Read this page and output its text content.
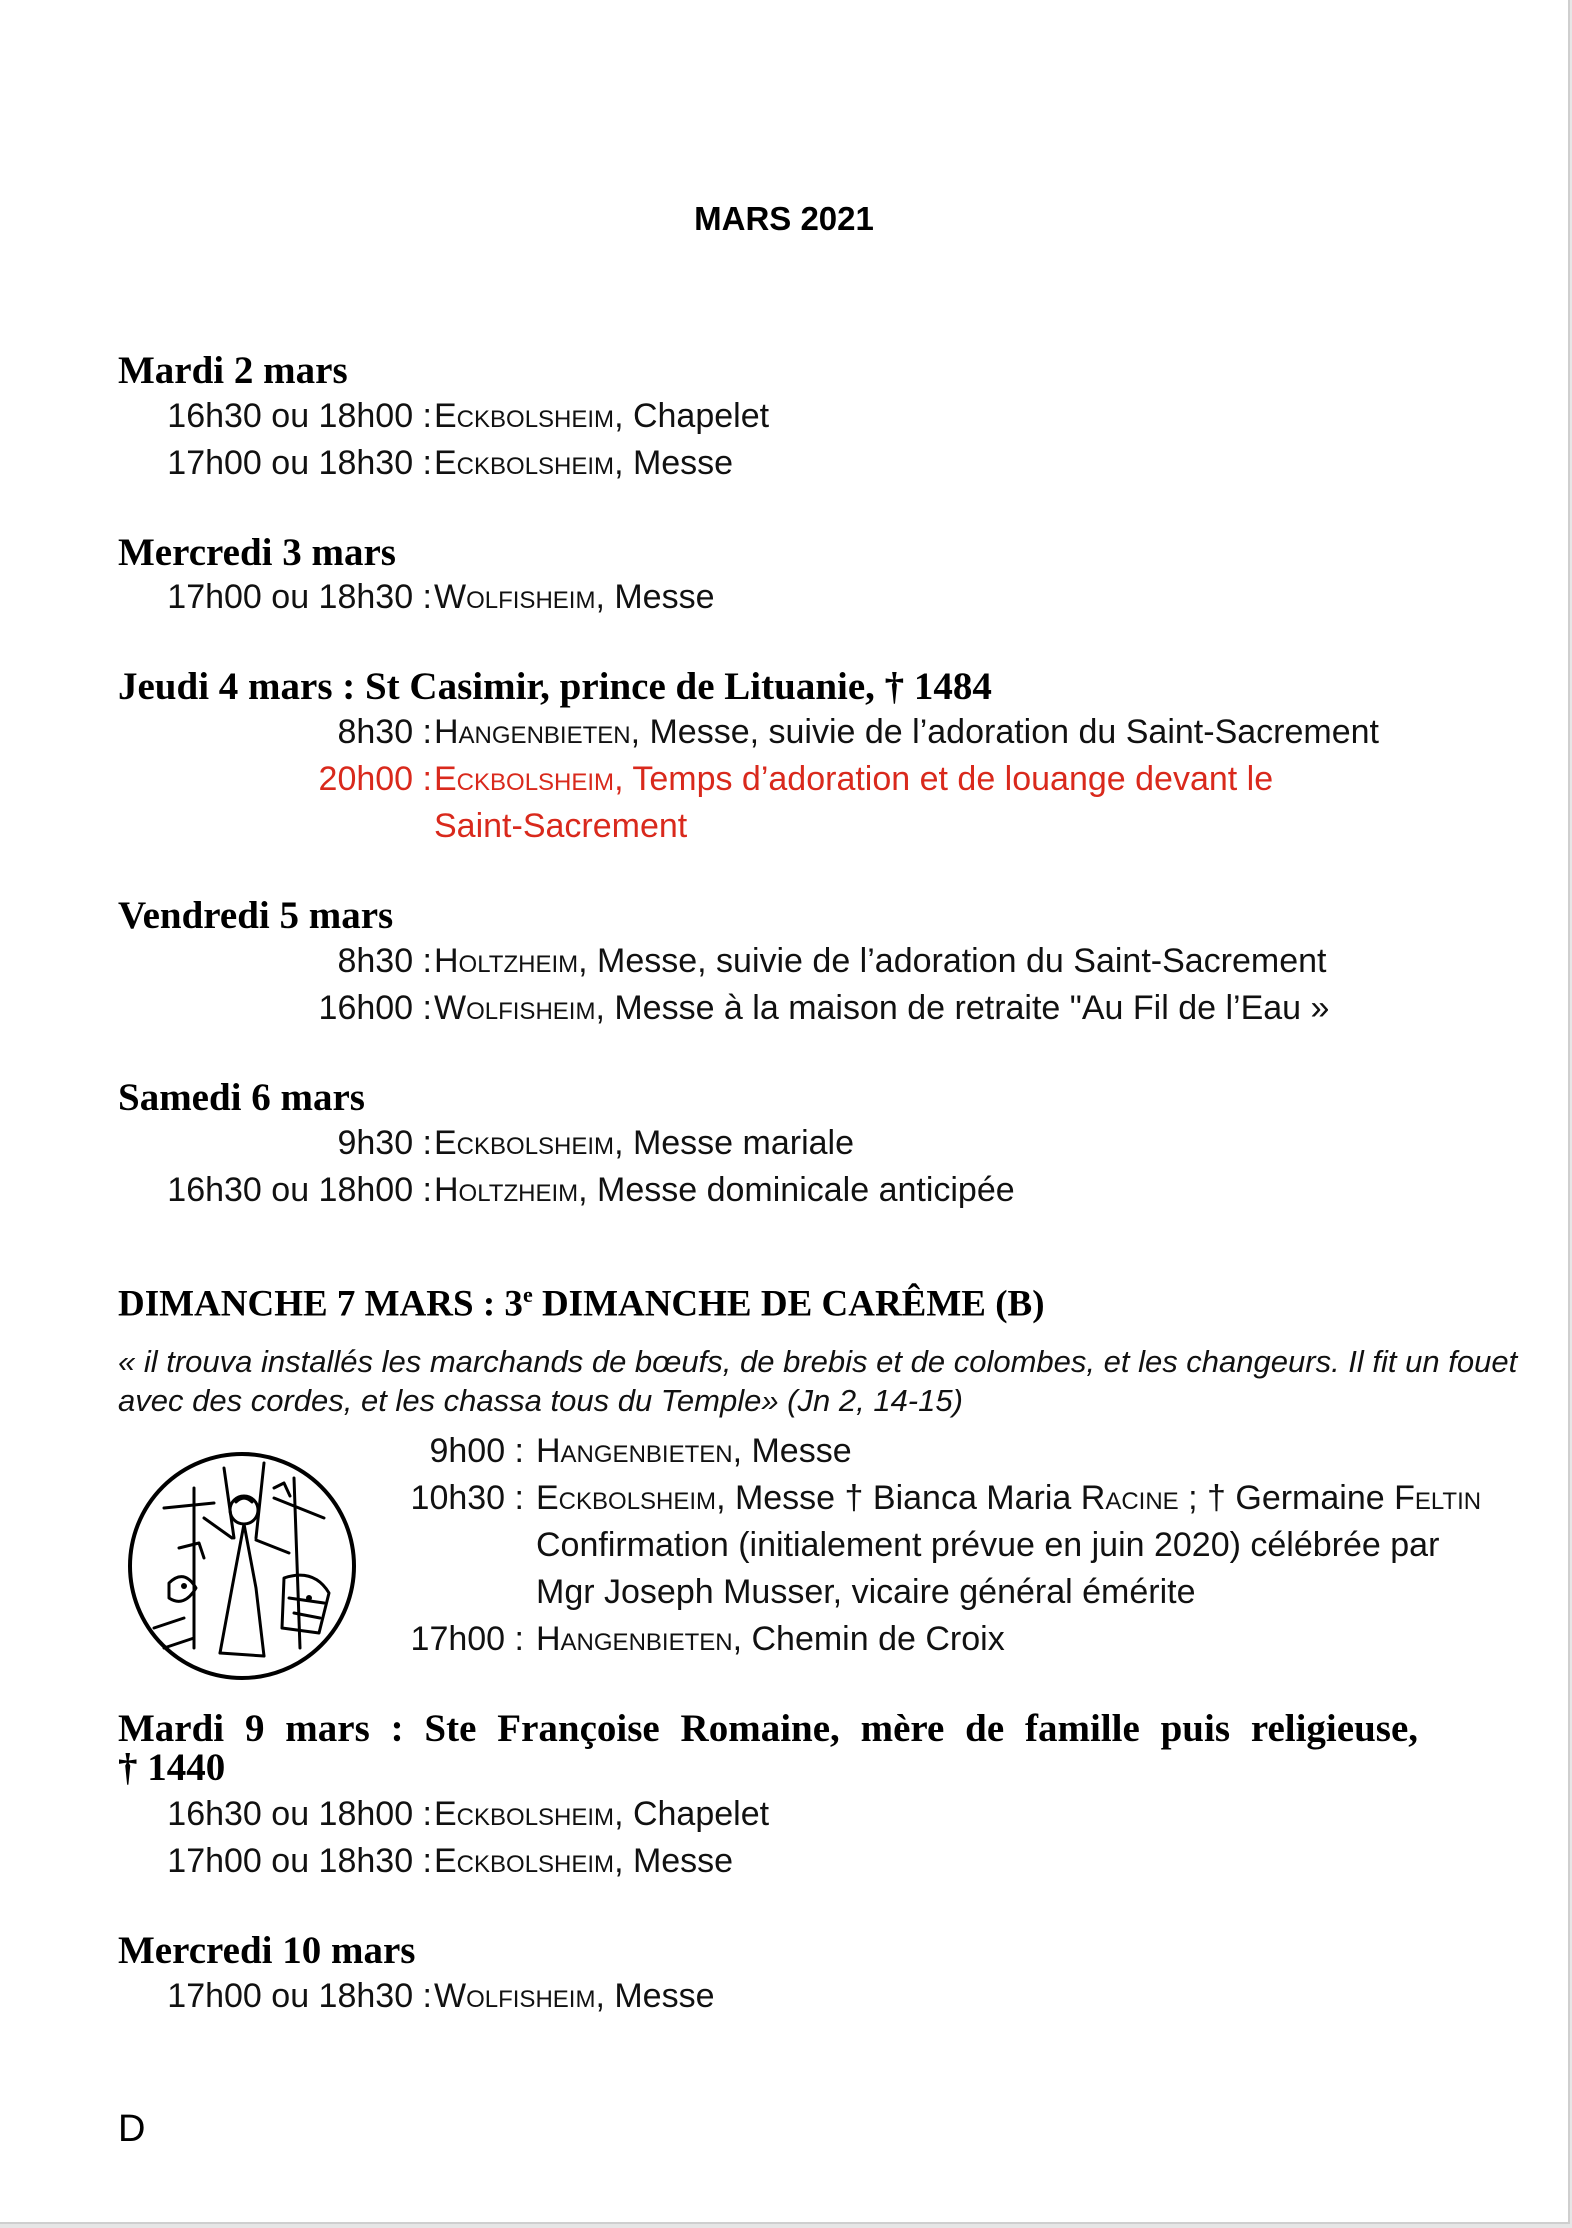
MARS 2021
Mardi 2 mars
16h30 ou 18h00 : Eckbolsheim, Chapelet
17h00 ou 18h30 : Eckbolsheim, Messe
Mercredi 3 mars
17h00 ou 18h30 : Wolfisheim, Messe
Jeudi 4 mars : St Casimir, prince de Lituanie, † 1484
8h30 : Hangenbieten, Messe, suivie de l’adoration du Saint-Sacrement
20h00 : Eckbolsheim, Temps d’adoration et de louange devant le
Saint-Sacrement
Vendredi 5 mars
8h30 : Holtzheim, Messe, suivie de l’adoration du Saint-Sacrement
16h00 : Wolfisheim, Messe à la maison de retraite "Au Fil de l’Eau »
Samedi 6 mars
9h30 : Eckbolsheim, Messe mariale
16h30 ou 18h00 : Holtzheim, Messe dominicale anticipée
DIMANCHE 7 MARS : 3e DIMANCHE DE CARÊME (B)
« il trouva installés les marchands de bœufs, de brebis et de colombes, et les changeurs. Il fit un fouet
avec des cordes, et les chassa tous du Temple» (Jn 2, 14-15)
9h00 : Hangenbieten, Messe
10h30 : Eckbolsheim, Messe † Bianca Maria Racine ; † Germaine Feltin
Confirmation (initialement prévue en juin 2020) célébrée par
Mgr Joseph Musser, vicaire général émérite
17h00 : Hangenbieten, Chemin de Croix
Mardi 9 mars : Ste Françoise Romaine, mère de famille puis religieuse,
† 1440
16h30 ou 18h00 : Eckbolsheim, Chapelet
17h00 ou 18h30 : Eckbolsheim, Messe
Mercredi 10 mars
17h00 ou 18h30 : Wolfisheim, Messe
D
